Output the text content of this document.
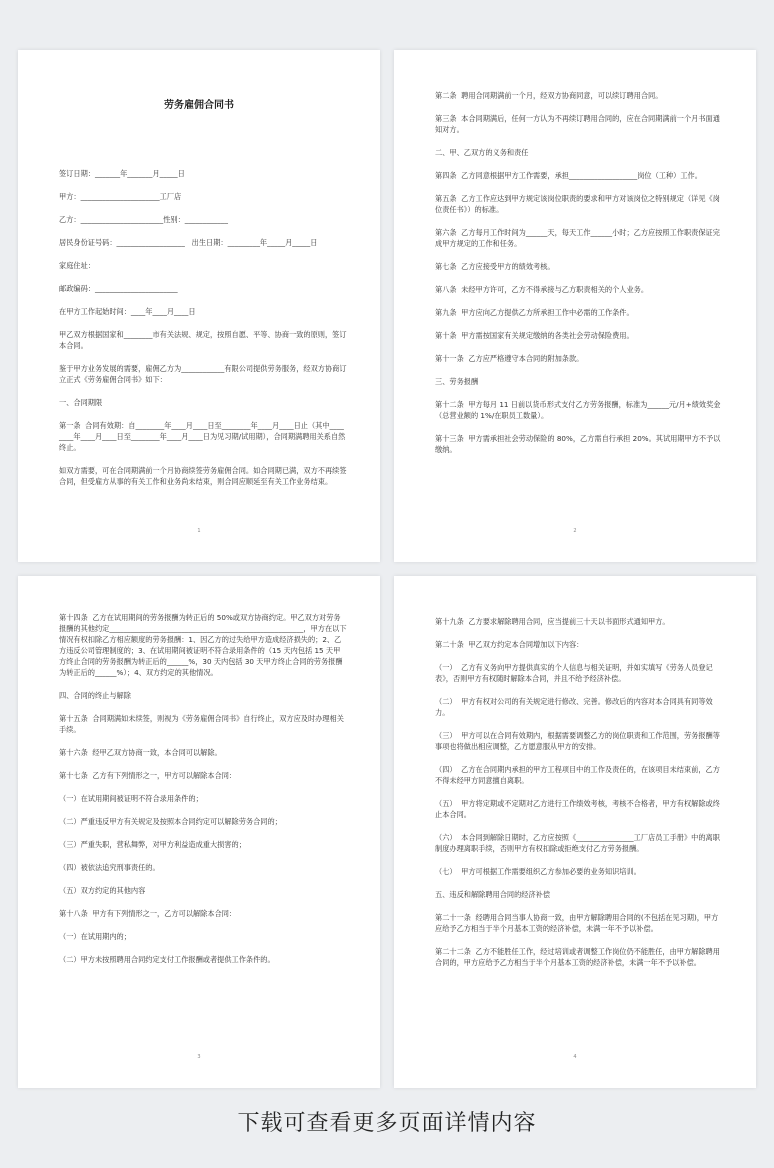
劳务雇佣合同书

签订日期：_______年_______月_____日

甲方：______________________工厂店

乙方：_______________________性别：____________

居民身份证号码：___________________   出生日期：_________年_____月_____日

家庭住址：

邮政编码：_______________________

在甲方工作起始时间：____年____月____日

甲乙双方根据国家和________市有关法规、规定，按照自愿、平等、协商一致的原则，签订本合同。

鉴于甲方业务发展的需要，雇佣乙方为____________有限公司提供劳务服务，经双方协商订立正式《劳务雇佣合同书》如下：

一、合同期限

第一条  合同有效期：自________年____月____日至________年____月____日止（其中________年____月____日至________年____月____日为见习期/试用期），合同期满聘用关系自然终止。

如双方需要，可在合同期满前一个月协商续签劳务雇佣合同。如合同期已满，双方不再续签合同，但受雇方从事的有关工作和业务尚未结束，则合同应顺延至有关工作业务结束。

1

第二条  聘用合同期满前一个月，经双方协商同意，可以续订聘用合同。

第三条  本合同期满后，任何一方认为不再续订聘用合同的，应在合同期满前一个月书面通知对方。

二、甲、乙双方的义务和责任

第四条  乙方同意根据甲方工作需要，承担___________________岗位（工种）工作。

第五条  乙方工作应达到甲方规定该岗位职责的要求和甲方对该岗位之特别规定（详见《岗位责任书》）的标准。

第六条  乙方每月工作时间为______天，每天工作______小时；乙方应按照工作职责保证完成甲方规定的工作和任务。

第七条  乙方应接受甲方的绩效考核。

第八条  未经甲方许可，乙方不得承接与乙方职责相关的个人业务。

第九条  甲方应向乙方提供乙方所承担工作中必需的工作条件。

第十条  甲方需按国家有关规定缴纳的各类社会劳动保险费用。

第十一条  乙方应严格遵守本合同的附加条款。

三、劳务报酬

第十二条  甲方每月 11 日前以货币形式支付乙方劳务报酬，标准为______元/月+绩效奖金（总营业额的 1%/在职员工数量）。

第十三条  甲方需承担社会劳动保险的 80%，乙方需自行承担 20%。其试用期甲方不予以缴纳。

2

第十四条  乙方在试用期间的劳务报酬为转正后的 50%或双方协商约定。甲乙双方对劳务报酬的其他约定______________________________________________________，甲方在以下情况有权扣除乙方相应额度的劳务报酬：1、因乙方的过失给甲方造成经济损失的；2、乙方违反公司管理制度的；3、在试用期间被证明不符合录用条件的（15 天内包括 15 天甲方终止合同的劳务报酬为转正后的______%，30 天内包括 30 天甲方终止合同的劳务报酬为转正后的______%）；4、双方约定的其他情况。

四、合同的终止与解除

第十五条  合同期满如未续签，则视为《劳务雇佣合同书》自行终止，双方应及时办理相关手续。

第十六条  经甲乙双方协商一致，本合同可以解除。

第十七条  乙方有下列情形之一，甲方可以解除本合同：

（一）在试用期间被证明不符合录用条件的；

（二）严重违反甲方有关规定及按照本合同约定可以解除劳务合同的；

（三）严重失职，营私舞弊，对甲方利益造成重大损害的；

（四）被依法追究刑事责任的。

（五）双方约定的其他内容

第十八条  甲方有下列情形之一，乙方可以解除本合同：

（一）在试用期内的；

（二）甲方未按照聘用合同约定支付工作报酬或者提供工作条件的。

3

第十九条  乙方要求解除聘用合同，应当提前三十天以书面形式通知甲方。

第二十条  甲乙双方约定本合同增加以下内容：

（一）  乙方有义务向甲方提供真实的个人信息与相关证明，并如实填写《劳务人员登记表》，否则甲方有权随时解除本合同，并且不给予经济补偿。

（二）  甲方有权对公司的有关规定进行修改、完善。修改后的内容对本合同具有同等效力。

（三）  甲方可以在合同有效期内，根据需要调整乙方的岗位职责和工作范围，劳务报酬等事项也将做出相应调整，乙方愿意服从甲方的安排。

（四）  乙方在合同期内承担的甲方工程项目中的工作及责任的，在该项目未结束前，乙方不得未经甲方同意擅自离职。

（五）  甲方将定期或不定期对乙方进行工作绩效考核，考核不合格者，甲方有权解除或终止本合同。

（六）  本合同到解除日期时，乙方应按照《________________工厂店员工手册》中的离职制度办理离职手续，否则甲方有权扣除或拒绝支付乙方劳务报酬。

（七）  甲方可根据工作需要组织乙方参加必要的业务知识培训。

五、违反和解除聘用合同的经济补偿

第二十一条  经聘用合同当事人协商一致，由甲方解除聘用合同的(不包括在见习期)，甲方应给予乙方相当于半个月基本工资的经济补偿，未满一年不予以补偿。

第二十二条  乙方不能胜任工作，经过培训或者调整工作岗位仍不能胜任，由甲方解除聘用合同的，甲方应给予乙方相当于半个月基本工资的经济补偿，未满一年不予以补偿。

4
下载可查看更多页面详情内容
